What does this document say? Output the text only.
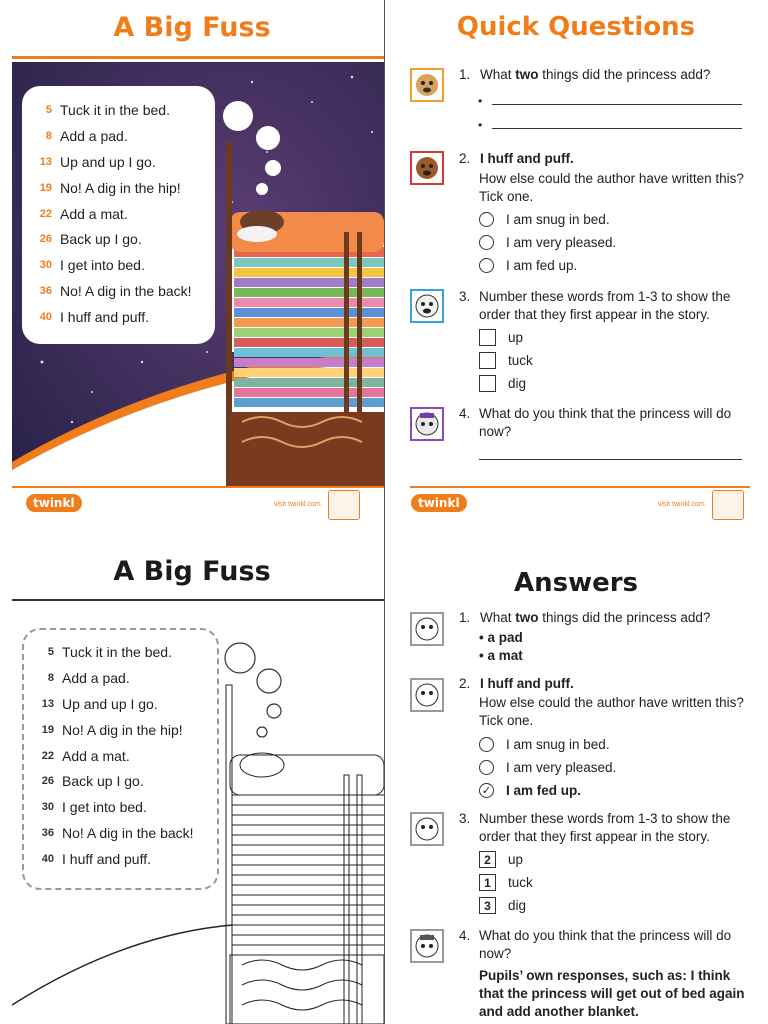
A Big Fuss
5 Tuck it in the bed.
8 Add a pad.
13 Up and up I go.
19 No! A dig in the hip!
22 Add a mat.
26 Back up I go.
30 I get into bed.
36 No! A dig in the back!
40 I huff and puff.
twinkl	visit twinkl.com
Quick Questions
1. What two things did the princess add?
•
•
2. I huff and puff.
How else could the author have written this? Tick one.
I am snug in bed.
I am very pleased.
I am fed up.
3. Number these words from 1-3 to show the order that they first appear in the story.
up
tuck
dig
4. What do you think that the princess will do now?
twinkl	visit twinkl.com
A Big Fuss
5 Tuck it in the bed.
8 Add a pad.
13 Up and up I go.
19 No! A dig in the hip!
22 Add a mat.
26 Back up I go.
30 I get into bed.
36 No! A dig in the back!
40 I huff and puff.
Answers
1. What two things did the princess add?
• a pad
• a mat
2. I huff and puff.
How else could the author have written this? Tick one.
I am snug in bed.
I am very pleased.
✓ I am fed up.
3. Number these words from 1-3 to show the order that they first appear in the story.
2	up
1	tuck
3	dig
4. What do you think that the princess will do now?
Pupils’ own responses, such as: I think that the princess will get out of bed again and add another blanket.
